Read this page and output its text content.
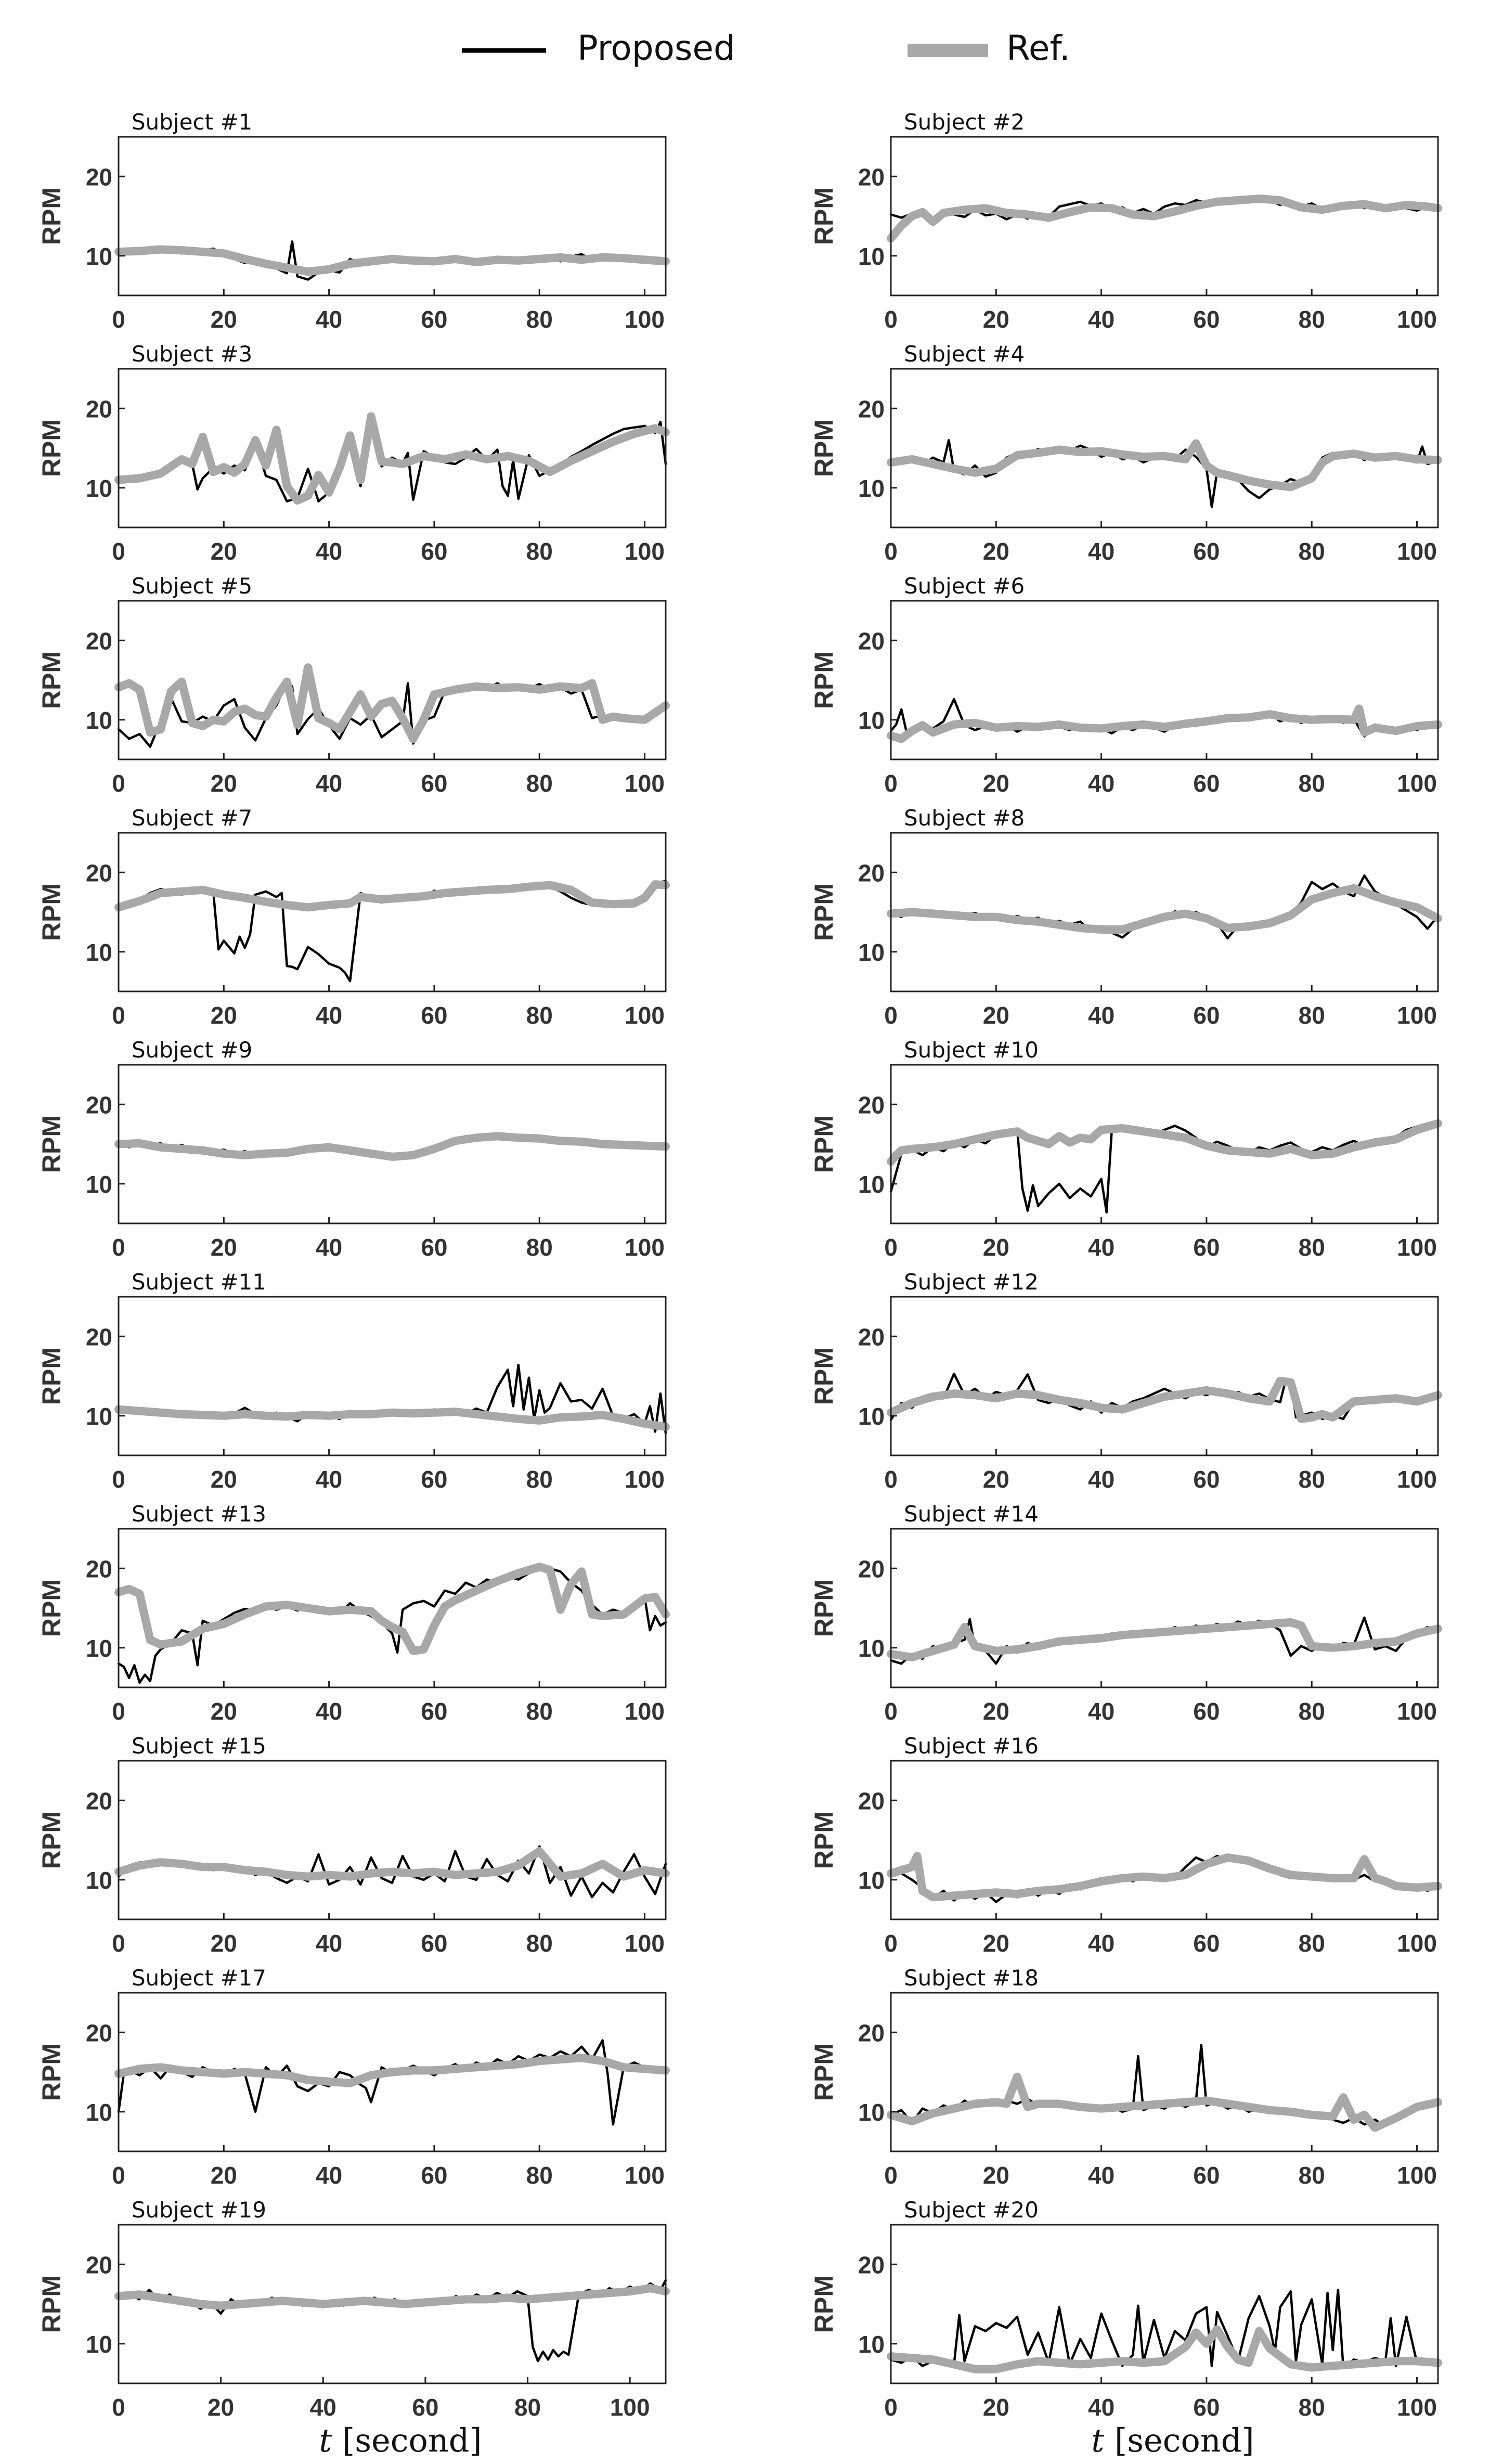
Proposed	Ref.
Subject #1
RPM
10
20
0	20	40	60	80	100
Subject #2
RPM
10
20
0	20	40	60	80	100
Subject #3
RPM
10
20
0	20	40	60	80	100
Subject #4
RPM
10
20
0	20	40	60	80	100
Subject #5
RPM
10
20
0	20	40	60	80	100
Subject #6
RPM
10
20
0	20	40	60	80	100
Subject #7
RPM
10
20
0	20	40	60	80	100
Subject #8
RPM
10
20
0	20	40	60	80	100
Subject #9
RPM
10
20
0	20	40	60	80	100
Subject #10
RPM
10
20
0	20	40	60	80	100
Subject #11
RPM
10
20
0	20	40	60	80	100
Subject #12
RPM
10
20
0	20	40	60	80	100
Subject #13
RPM
10
20
0	20	40	60	80	100
Subject #14
RPM
10
20
0	20	40	60	80	100
Subject #15
RPM
10
20
0	20	40	60	80	100
Subject #16
RPM
10
20
0	20	40	60	80	100
Subject #17
RPM
10
20
0	20	40	60	80	100
Subject #18
RPM
10
20
0	20	40	60	80	100
Subject #19
RPM
10
20
0	20	40	60	80	100
Subject #20
RPM
10
20
0	20	40	60	80	100
t [second]	t [second]
